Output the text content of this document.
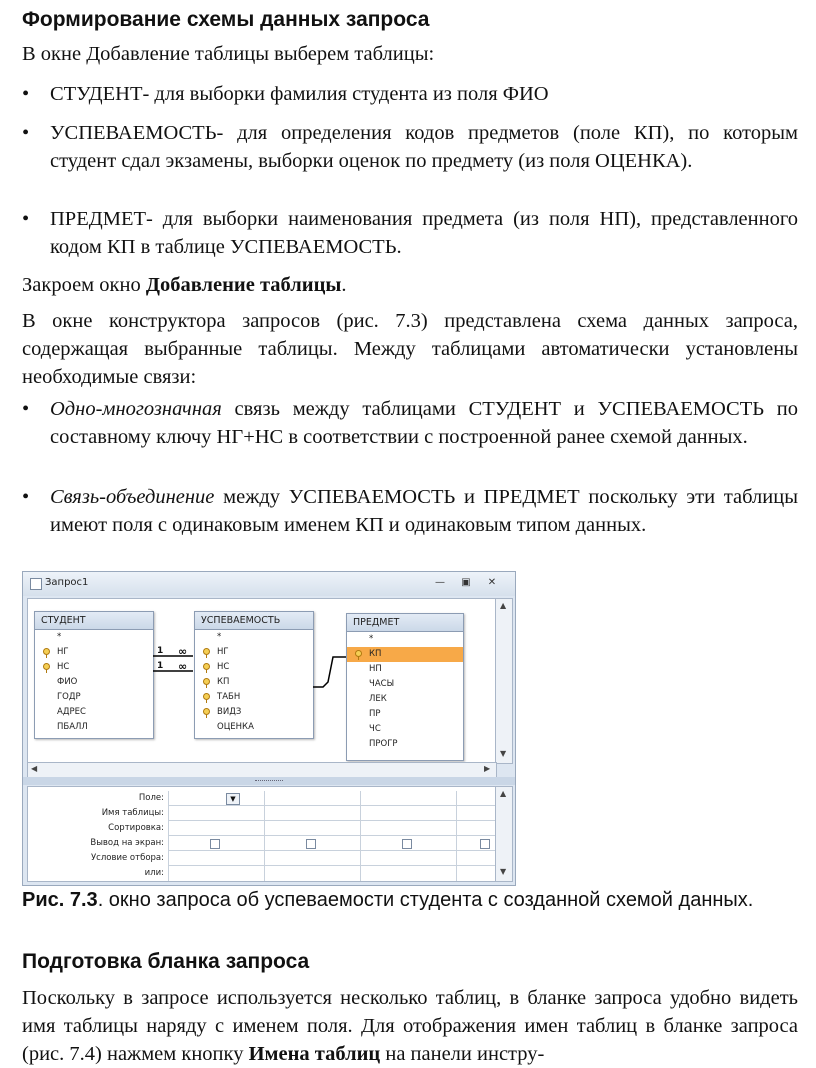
Формирование схемы данных запроса
В окне Добавление таблицы выберем таблицы:
• СТУДЕНТ- для выборки фамилия студента из поля ФИО
• УСПЕВАЕМОСТЬ- для определения кодов предметов (поле КП), по которым студент сдал экзамены, выборки оценок по предмету (из поля ОЦЕНКА).
• ПРЕДМЕТ- для выборки наименования предмета (из поля НП), представленного кодом КП в таблице УСПЕВАЕМОСТЬ.
Закроем окно Добавление таблицы.
В окне конструктора запросов (рис. 7.3) представлена схема данных запроса, содержащая выбранные таблицы. Между таблицами автоматически установлены необходимые связи:
• Одно-многозначная связь между таблицами СТУДЕНТ и УСПЕВАЕМОСТЬ по составному ключу НГ+НС в соответствии с построенной ранее схемой данных.
• Связь-объединение между УСПЕВАЕМОСТЬ и ПРЕДМЕТ поскольку эти таблицы имеют поля с одинаковым именем КП и одинаковым типом данных.
Запрос1	— ▣ ✕
СТУДЕНТ
*
НГ
НС
ФИО
ГОДР
АДРЕС
ПБАЛЛ
УСПЕВАЕМОСТЬ
*
НГ
НС
КП
ТАБН
ВИДЗ
ОЦЕНКА
ПРЕДМЕТ
*
КП
НП
ЧАСЫ
ЛЕК
ПР
ЧС
ПРОГР
1
1
∞
∞
▲
▼
◀	▶
Поле:
Имя таблицы:
Сортировка:
Вывод на экран:
Условие отбора:
или:
▼
▲
▼
Рис. 7.3. окно запроса об успеваемости студента с созданной схемой данных.
Подготовка бланка запроса
Поскольку в запросе используется несколько таблиц, в бланке запроса удобно видеть имя таблицы наряду с именем поля. Для отображения имен таблиц в бланке запроса (рис. 7.4) нажмем кнопку Имена таблиц на панели инстру-
